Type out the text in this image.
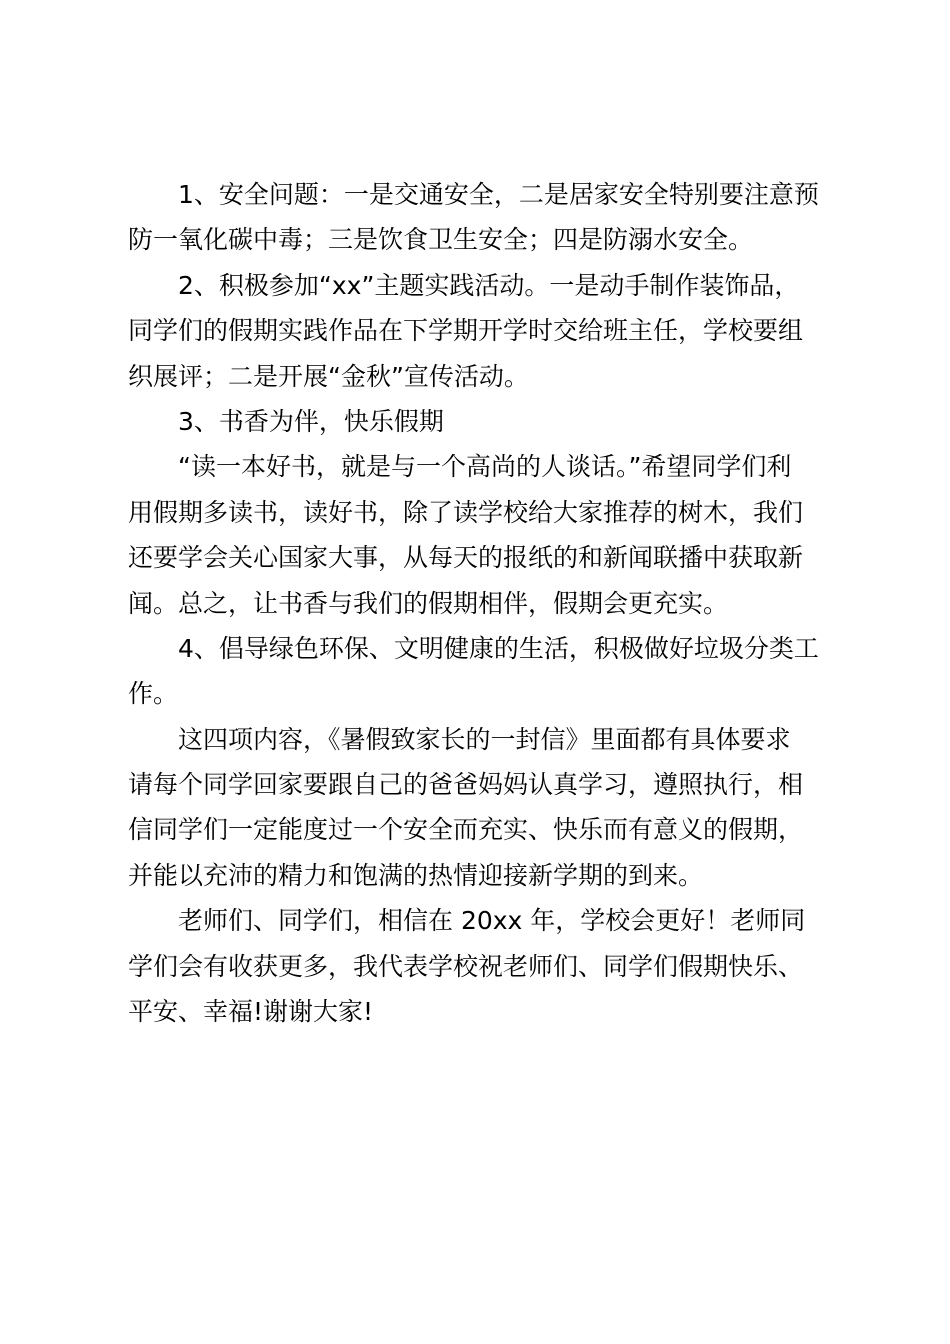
1、安全问题：一是交通安全，二是居家安全特别要注意预
防一氧化碳中毒；三是饮食卫生安全；四是防溺水安全。

2、积极参加“xx”主题实践活动。一是动手制作装饰品，
同学们的假期实践作品在下学期开学时交给班主任，学校要组
织展评；二是开展“金秋”宣传活动。

3、书香为伴，快乐假期

“读一本好书，就是与一个高尚的人谈话。”希望同学们利
用假期多读书，读好书，除了读学校给大家推荐的树木，我们
还要学会关心国家大事，从每天的报纸的和新闻联播中获取新
闻。总之，让书香与我们的假期相伴，假期会更充实。

4、倡导绿色环保、文明健康的生活，积极做好垃圾分类工
作。

这四项内容，《暑假致家长的一封信》里面都有具体要求
请每个同学回家要跟自己的爸爸妈妈认真学习，遵照执行，相
信同学们一定能度过一个安全而充实、快乐而有意义的假期，
并能以充沛的精力和饱满的热情迎接新学期的到来。

老师们、同学们，相信在 20xx 年，学校会更好！老师同
学们会有收获更多，我代表学校祝老师们、同学们假期快乐、
平安、幸福!谢谢大家!
